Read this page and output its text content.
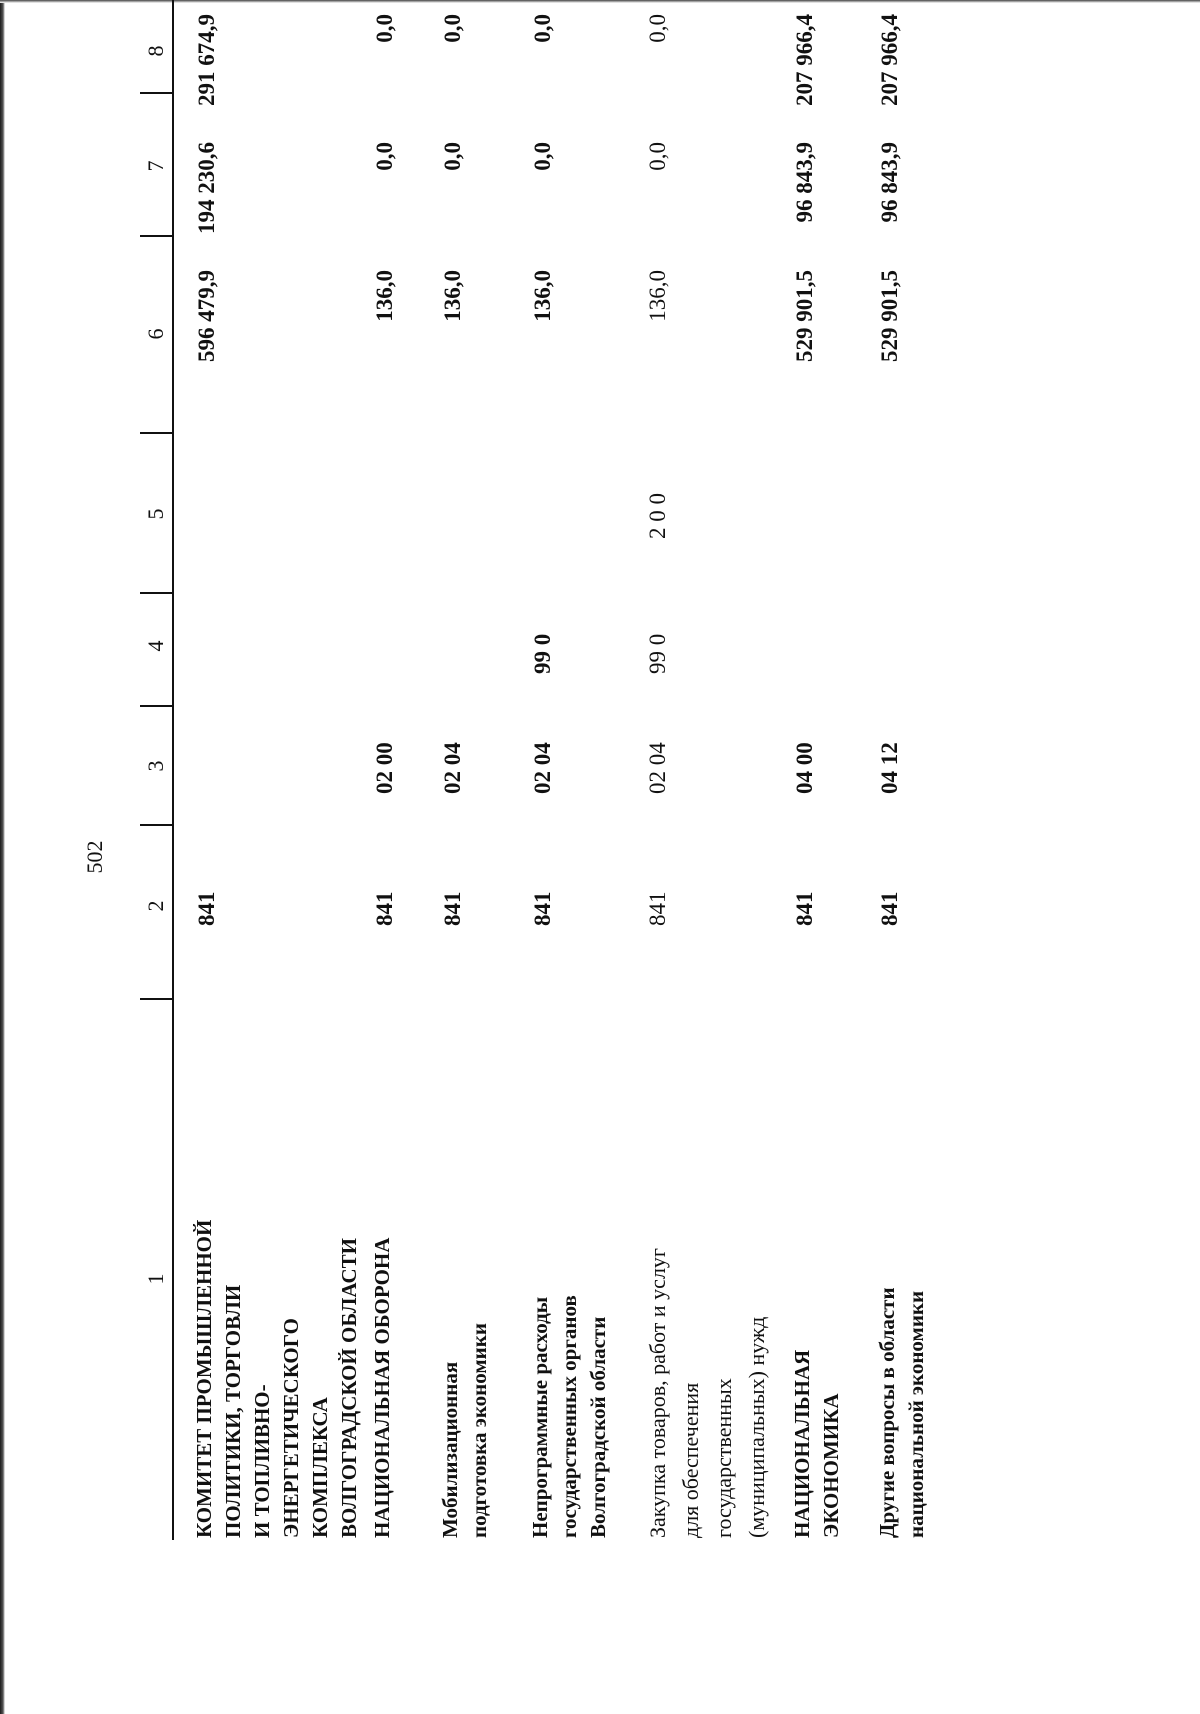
502
1
2
3
4
5
6
7
8
КОМИТЕТ ПРОМЫШЛЕННОЙ ПОЛИТИКИ, ТОРГОВЛИ И ТОПЛИВНО- ЭНЕРГЕТИЧЕСКОГО КОМПЛЕКСА ВОЛГОГРАДСКОЙ ОБЛАСТИ
841
596 479,9
194 230,6
291 674,9
НАЦИОНАЛЬНАЯ ОБОРОНА
841
02 00
136,0
0,0
0,0
Мобилизационная подготовка экономики
841
02 04
136,0
0,0
0,0
Непрограммные расходы государственных органов Волгоградской области
841
02 04
99 0
136,0
0,0
0,0
Закупка товаров, работ и услуг для обеспечения государственных (муниципальных) нужд
841
02 04
99 0
2 0 0
136,0
0,0
0,0
НАЦИОНАЛЬНАЯ ЭКОНОМИКА
841
04 00
529 901,5
96 843,9
207 966,4
Другие вопросы в области национальной экономики
841
04 12
529 901,5
96 843,9
207 966,4
